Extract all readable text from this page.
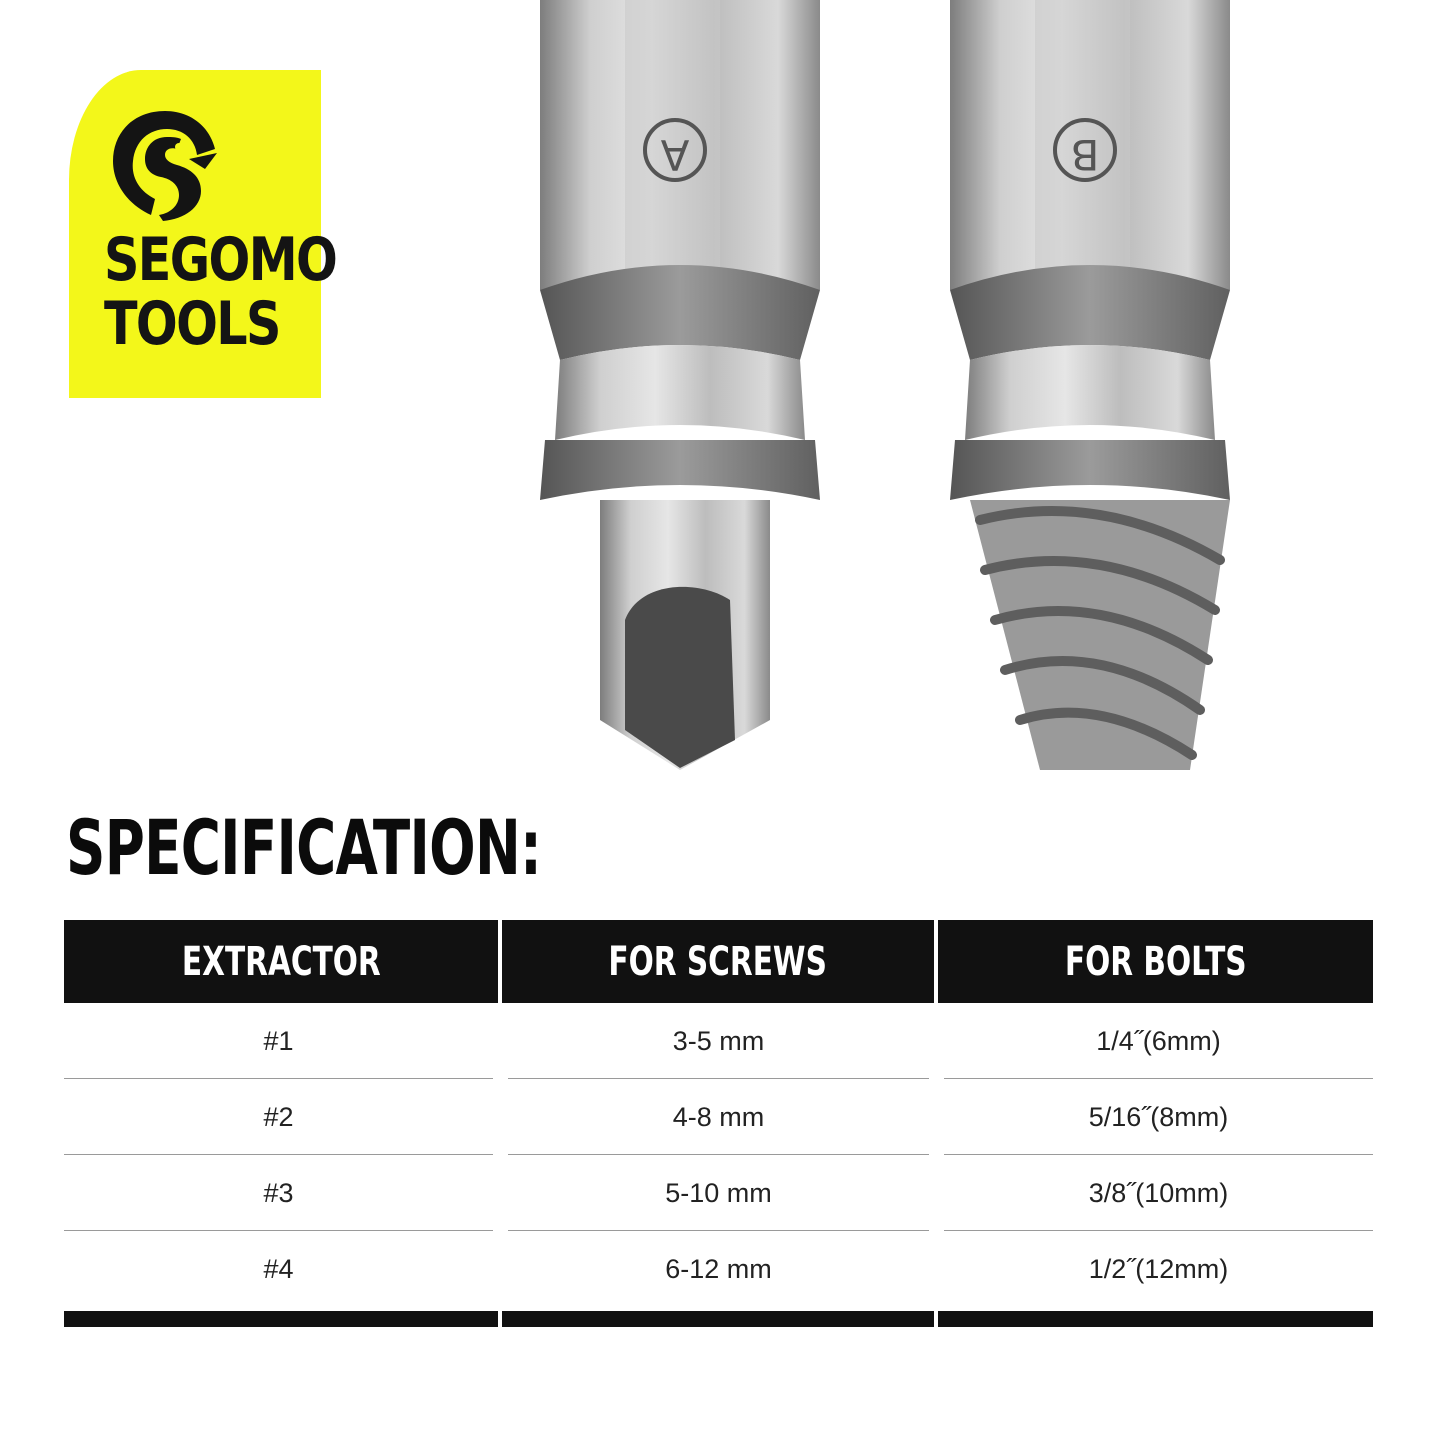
SEGOMO
TOOLS
A	B
SPECIFICATION:
EXTRACTOR	FOR SCREWS	FOR BOLTS
#1	3-5 mm	1/4˝(6mm)
#2	4-8 mm	5/16˝(8mm)
#3	5-10 mm	3/8˝(10mm)
#4	6-12 mm	1/2˝(12mm)
